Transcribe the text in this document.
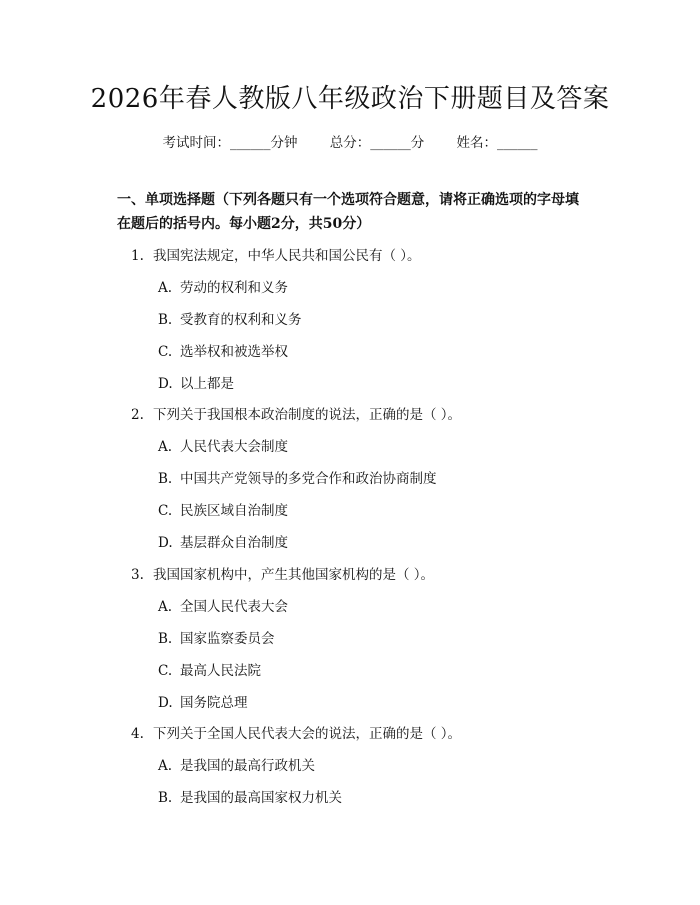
2026年春人教版八年级政治下册题目及答案
考试时间：______分钟 总分：______分 姓名：______
一、单项选择题（下列各题只有一个选项符合题意，请将正确选项的字母填在题后的括号内。每小题2分，共50分）
1. 我国宪法规定，中华人民共和国公民有（ ）。
A. 劳动的权利和义务
B. 受教育的权利和义务
C. 选举权和被选举权
D. 以上都是
2. 下列关于我国根本政治制度的说法，正确的是（ ）。
A. 人民代表大会制度
B. 中国共产党领导的多党合作和政治协商制度
C. 民族区域自治制度
D. 基层群众自治制度
3. 我国国家机构中，产生其他国家机构的是（ ）。
A. 全国人民代表大会
B. 国家监察委员会
C. 最高人民法院
D. 国务院总理
4. 下列关于全国人民代表大会的说法，正确的是（ ）。
A. 是我国的最高行政机关
B. 是我国的最高国家权力机关
